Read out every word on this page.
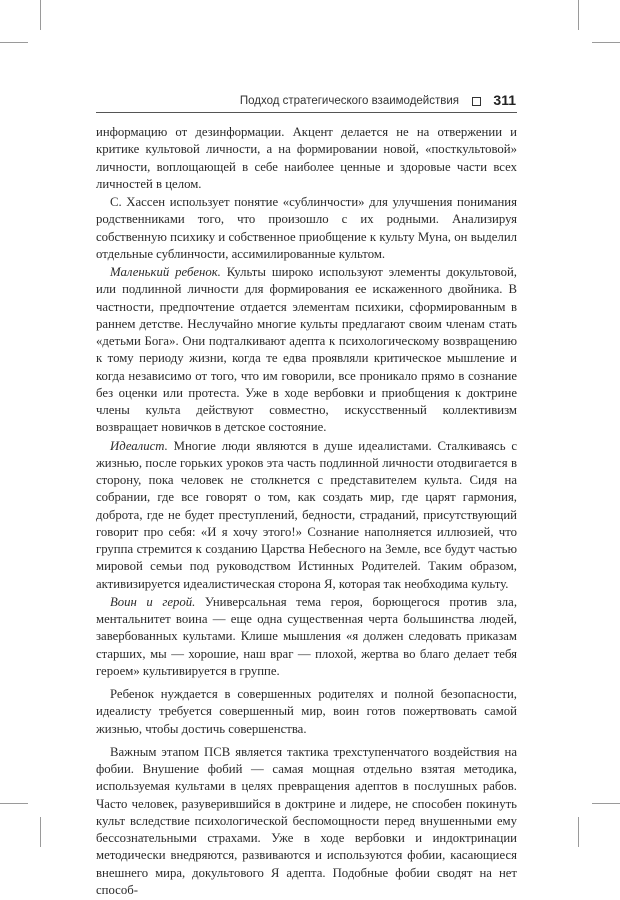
Подход стратегического взаимодействия 311

информацию от дезинформации. Акцент делается не на отвержении и критике культовой личности, а на формировании новой, «посткультовой» личности, воплощающей в себе наиболее ценные и здоровые части всех личностей в целом.

С. Хассен использует понятие «сублинчости» для улучшения понимания родственниками того, что произошло с их родными. Анализируя собственную психику и собственное приобщение к культу Муна, он выделил отдельные сублинчости, ассимилированные культом.

Маленький ребенок. Культы широко используют элементы докультовой, или подлинной личности для формирования ее искаженного двойника. В частности, предпочтение отдается элементам психики, сформированным в раннем детстве. Неслучайно многие культы предлагают своим членам стать «детьми Бога». Они подталкивают адепта к психологическому возвращению к тому периоду жизни, когда те едва проявляли критическое мышление и когда независимо от того, что им говорили, все проникало прямо в сознание без оценки или протеста. Уже в ходе вербовки и приобщения к доктрине члены культа действуют совместно, искусственный коллективизм возвращает новичков в детское состояние.

Идеалист. Многие люди являются в душе идеалистами. Сталкиваясь с жизнью, после горьких уроков эта часть подлинной личности отодвигается в сторону, пока человек не столкнется с представителем культа. Сидя на собрании, где все говорят о том, как создать мир, где царят гармония, доброта, где не будет преступлений, бедности, страданий, присутствующий говорит про себя: «И я хочу этого!» Сознание наполняется иллюзией, что группа стремится к созданию Царства Небесного на Земле, все будут частью мировой семьи под руководством Истинных Родителей. Таким образом, активизируется идеалистическая сторона Я, которая так необходима культу.

Воин и герой. Универсальная тема героя, борющегося против зла, ментальнитет воина — еще одна существенная черта большинства людей, завербованных культами. Клише мышления «я должен следовать приказам старших, мы — хорошие, наш враг — плохой, жертва во благо делает тебя героем» культивируется в группе.

Ребенок нуждается в совершенных родителях и полной безопасности, идеалисту требуется совершенный мир, воин готов пожертвовать самой жизнью, чтобы достичь совершенства.

Важным этапом ПСВ является тактика трехступенчатого воздействия на фобии. Внушение фобий — самая мощная отдельно взятая методика, используемая культами в целях превращения адептов в послушных рабов. Часто человек, разуверившийся в доктрине и лидере, не способен покинуть культ вследствие психологической беспомощности перед внушенными ему бессознательными страхами. Уже в ходе вербовки и индоктринации методически внедряются, развиваются и используются фобии, касающиеся внешнего мира, докультового Я адепта. Подобные фобии сводят на нет способ-
